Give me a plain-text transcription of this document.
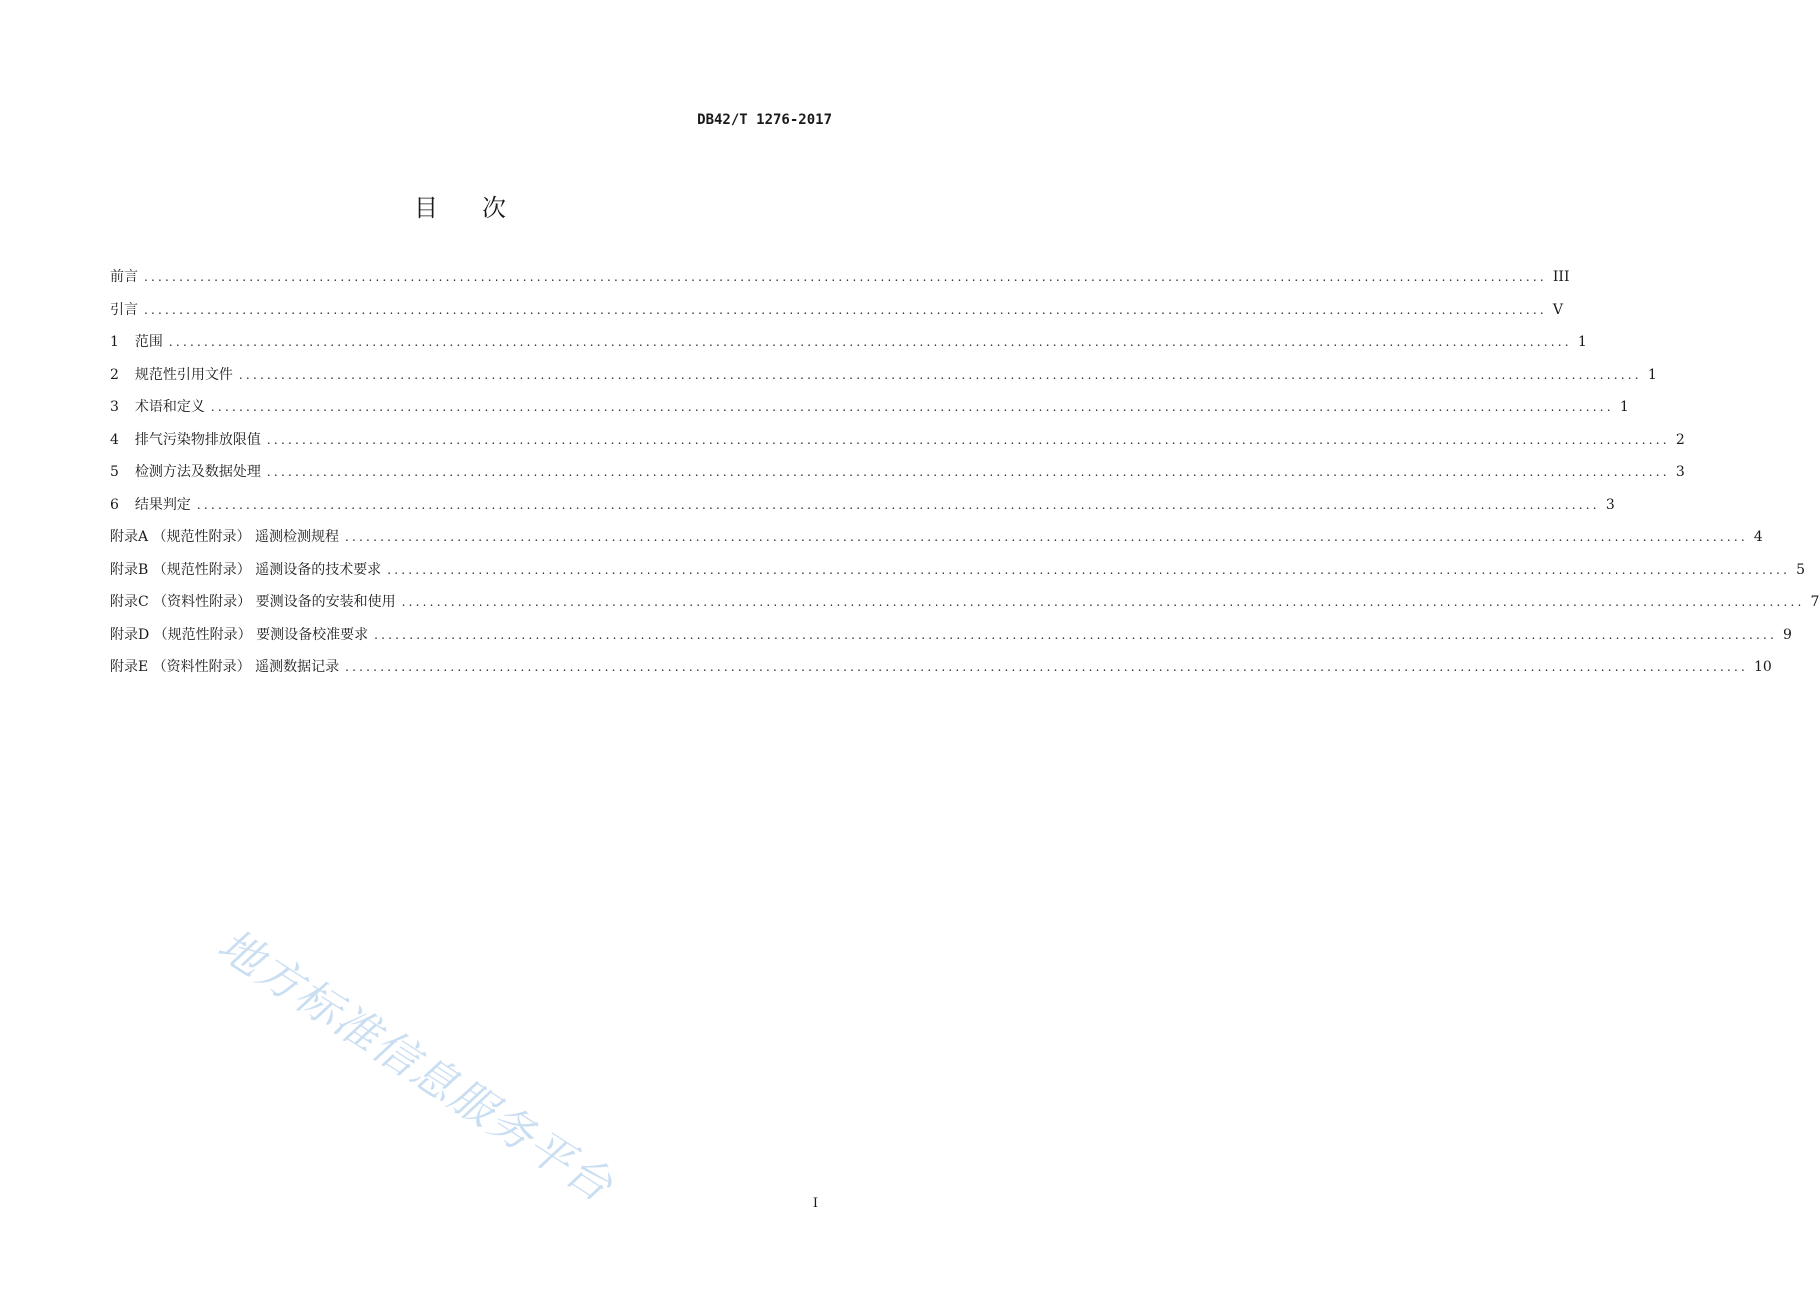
DB42/T 1276-2017
目次
前言 ........................................................................................................................................................................................................ III
引言 ........................................................................................................................................................................................................ V
1 范围 ........................................................................................................................................................................................................ 1
2 规范性引用文件 ........................................................................................................................................................................................................ 1
3 术语和定义 ........................................................................................................................................................................................................ 1
4 排气污染物排放限值 ........................................................................................................................................................................................................ 2
5 检测方法及数据处理 ........................................................................................................................................................................................................ 3
6 结果判定 ........................................................................................................................................................................................................ 3
附录A （规范性附录） 遥测检测规程 ........................................................................................................................................................................................................ 4
附录B （规范性附录） 遥测设备的技术要求 ........................................................................................................................................................................................................ 5
附录C （资料性附录） 要测设备的安装和使用 ........................................................................................................................................................................................................ 7
附录D （规范性附录） 要测设备校准要求 ........................................................................................................................................................................................................ 9
附录E （资料性附录） 遥测数据记录 ........................................................................................................................................................................................................ 10
地方标准信息服务平台	I
